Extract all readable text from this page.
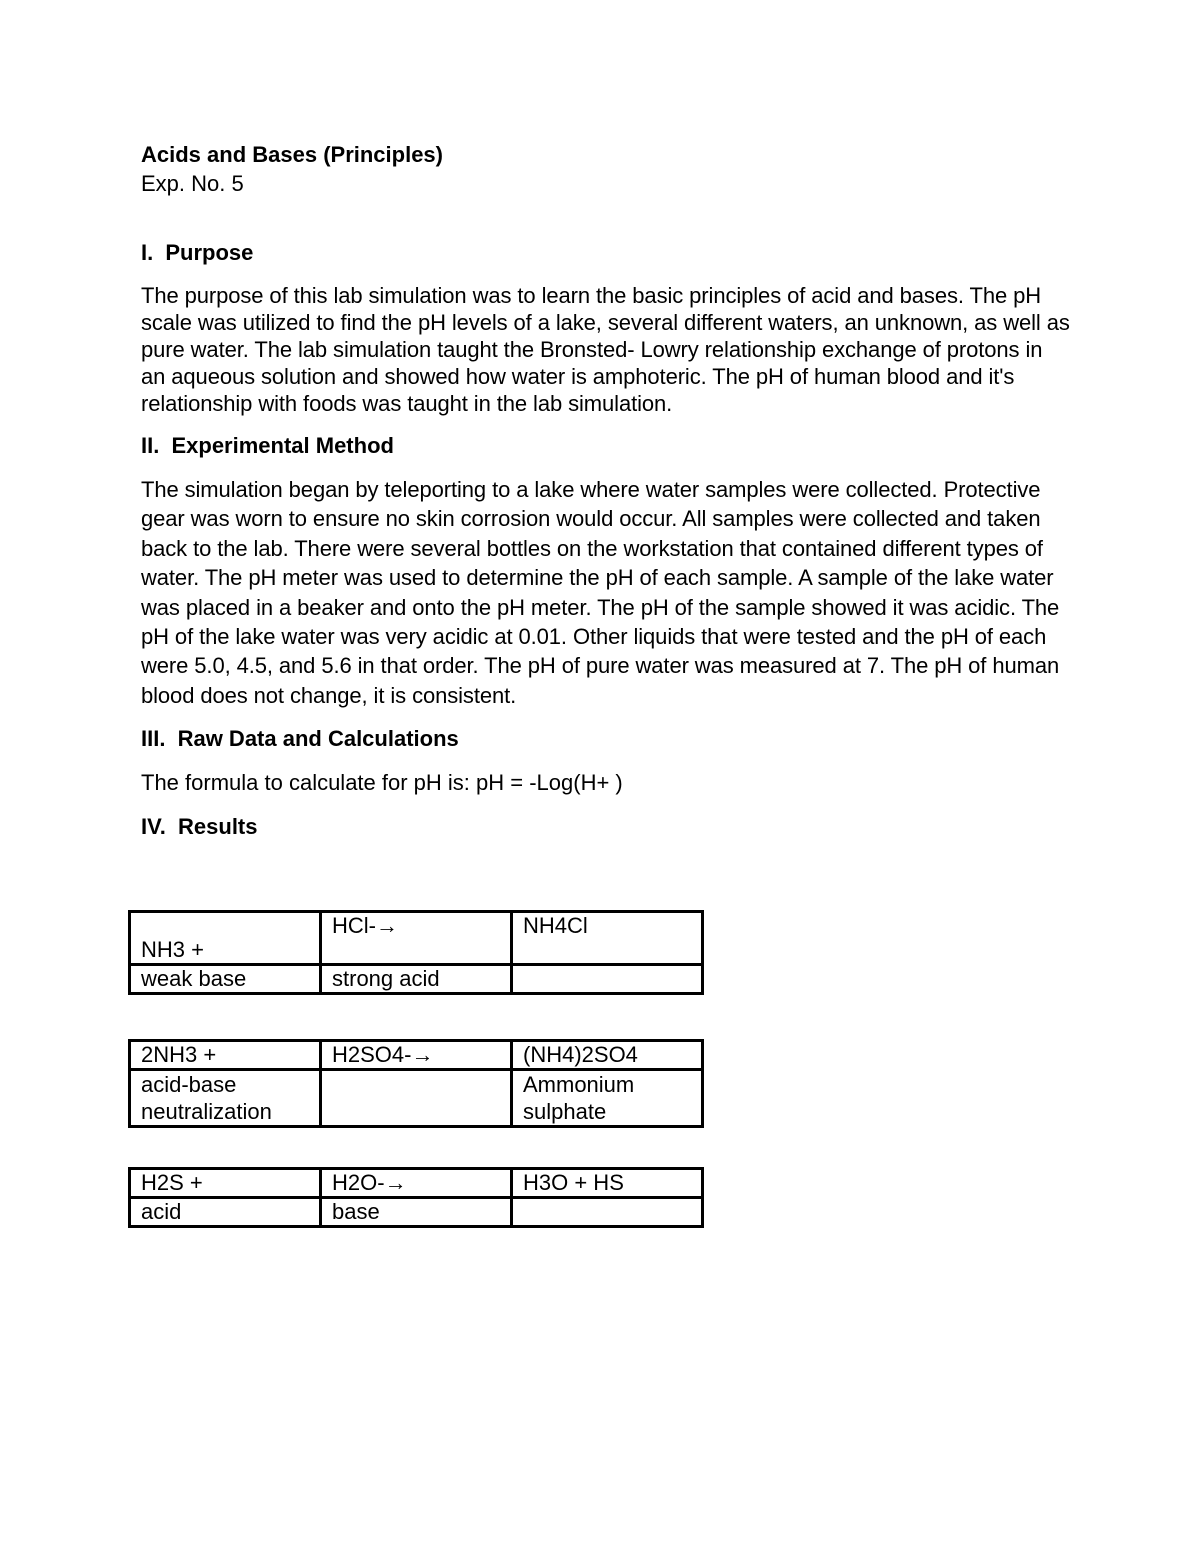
Acids and Bases (Principles)
Exp. No. 5
I. Purpose

The purpose of this lab simulation was to learn the basic principles of acid and bases. The pH scale was utilized to find the pH levels of a lake, several different waters, an unknown, as well as pure water. The lab simulation taught the Bronsted- Lowry relationship exchange of protons in an aqueous solution and showed how water is amphoteric. The pH of human blood and it's relationship with foods was taught in the lab simulation.

II. Experimental Method

The simulation began by teleporting to a lake where water samples were collected. Protective gear was worn to ensure no skin corrosion would occur. All samples were collected and taken back to the lab. There were several bottles on the workstation that contained different types of water. The pH meter was used to determine the pH of each sample. A sample of the lake water was placed in a beaker and onto the pH meter. The pH of the sample showed it was acidic. The pH of the lake water was very acidic at 0.01. Other liquids that were tested and the pH of each were 5.0, 4.5, and 5.6 in that order. The pH of pure water was measured at 7. The pH of human blood does not change, it is consistent.

III. Raw Data and Calculations

The formula to calculate for pH is: pH = -Log(H+ )

IV. Results
NH3 +	HCl-→	NH4Cl
weak base	strong acid	
2NH3 +	H2SO4-→	(NH4)2SO4
acid-base neutralization		Ammonium sulphate
H2S +	H2O-→	H3O + HS
acid	base	
